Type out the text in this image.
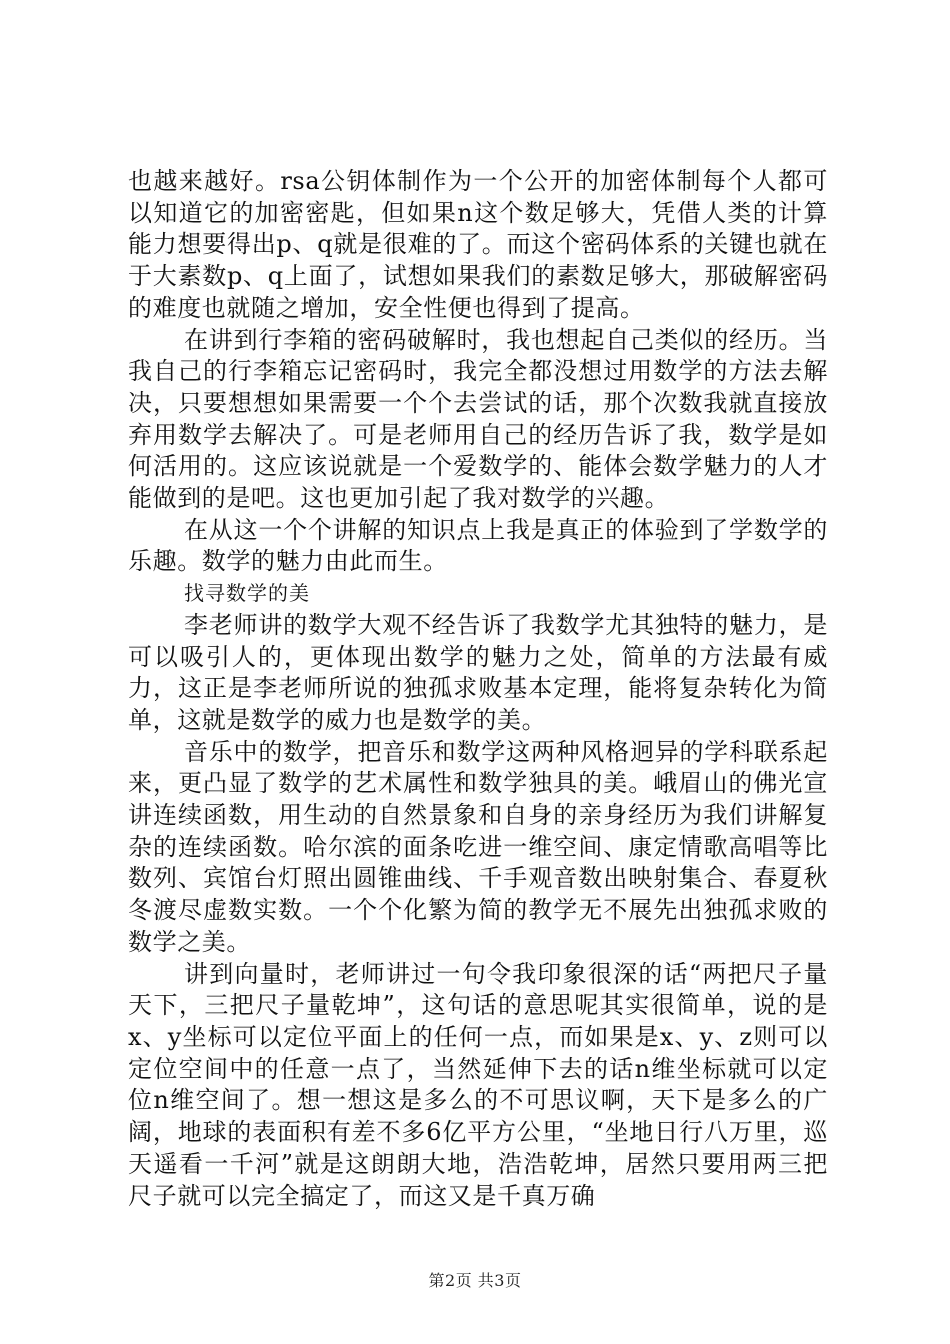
也越来越好。rsa公钥体制作为一个公开的加密体制每个人都可以知道它的加密密匙，但如果n这个数足够大，凭借人类的计算能力想要得出p、q就是很难的了。而这个密码体系的关键也就在于大素数p、q上面了，试想如果我们的素数足够大，那破解密码的难度也就随之增加，安全性便也得到了提高。

在讲到行李箱的密码破解时，我也想起自己类似的经历。当我自己的行李箱忘记密码时，我完全都没想过用数学的方法去解决，只要想想如果需要一个个去尝试的话，那个次数我就直接放弃用数学去解决了。可是老师用自己的经历告诉了我，数学是如何活用的。这应该说就是一个爱数学的、能体会数学魅力的人才能做到的是吧。这也更加引起了我对数学的兴趣。

在从这一个个讲解的知识点上我是真正的体验到了学数学的乐趣。数学的魅力由此而生。

找寻数学的美

李老师讲的数学大观不经告诉了我数学尤其独特的魅力，是可以吸引人的，更体现出数学的魅力之处，简单的方法最有威力，这正是李老师所说的独孤求败基本定理，能将复杂转化为简单，这就是数学的威力也是数学的美。

音乐中的数学，把音乐和数学这两种风格迥异的学科联系起来，更凸显了数学的艺术属性和数学独具的美。峨眉山的佛光宣讲连续函数，用生动的自然景象和自身的亲身经历为我们讲解复杂的连续函数。哈尔滨的面条吃进一维空间、康定情歌高唱等比数列、宾馆台灯照出圆锥曲线、千手观音数出映射集合、春夏秋冬渡尽虚数实数。一个个化繁为简的教学无不展先出独孤求败的数学之美。

讲到向量时，老师讲过一句令我印象很深的话“两把尺子量天下，三把尺子量乾坤”，这句话的意思呢其实很简单，说的是x、y坐标可以定位平面上的任何一点，而如果是x、y、z则可以定位空间中的任意一点了，当然延伸下去的话n维坐标就可以定位n维空间了。想一想这是多么的不可思议啊，天下是多么的广阔，地球的表面积有差不多6亿平方公里，“坐地日行八万里，巡天遥看一千河”就是这朗朗大地，浩浩乾坤，居然只要用两三把尺子就可以完全搞定了，而这又是千真万确

第2页 共3页
